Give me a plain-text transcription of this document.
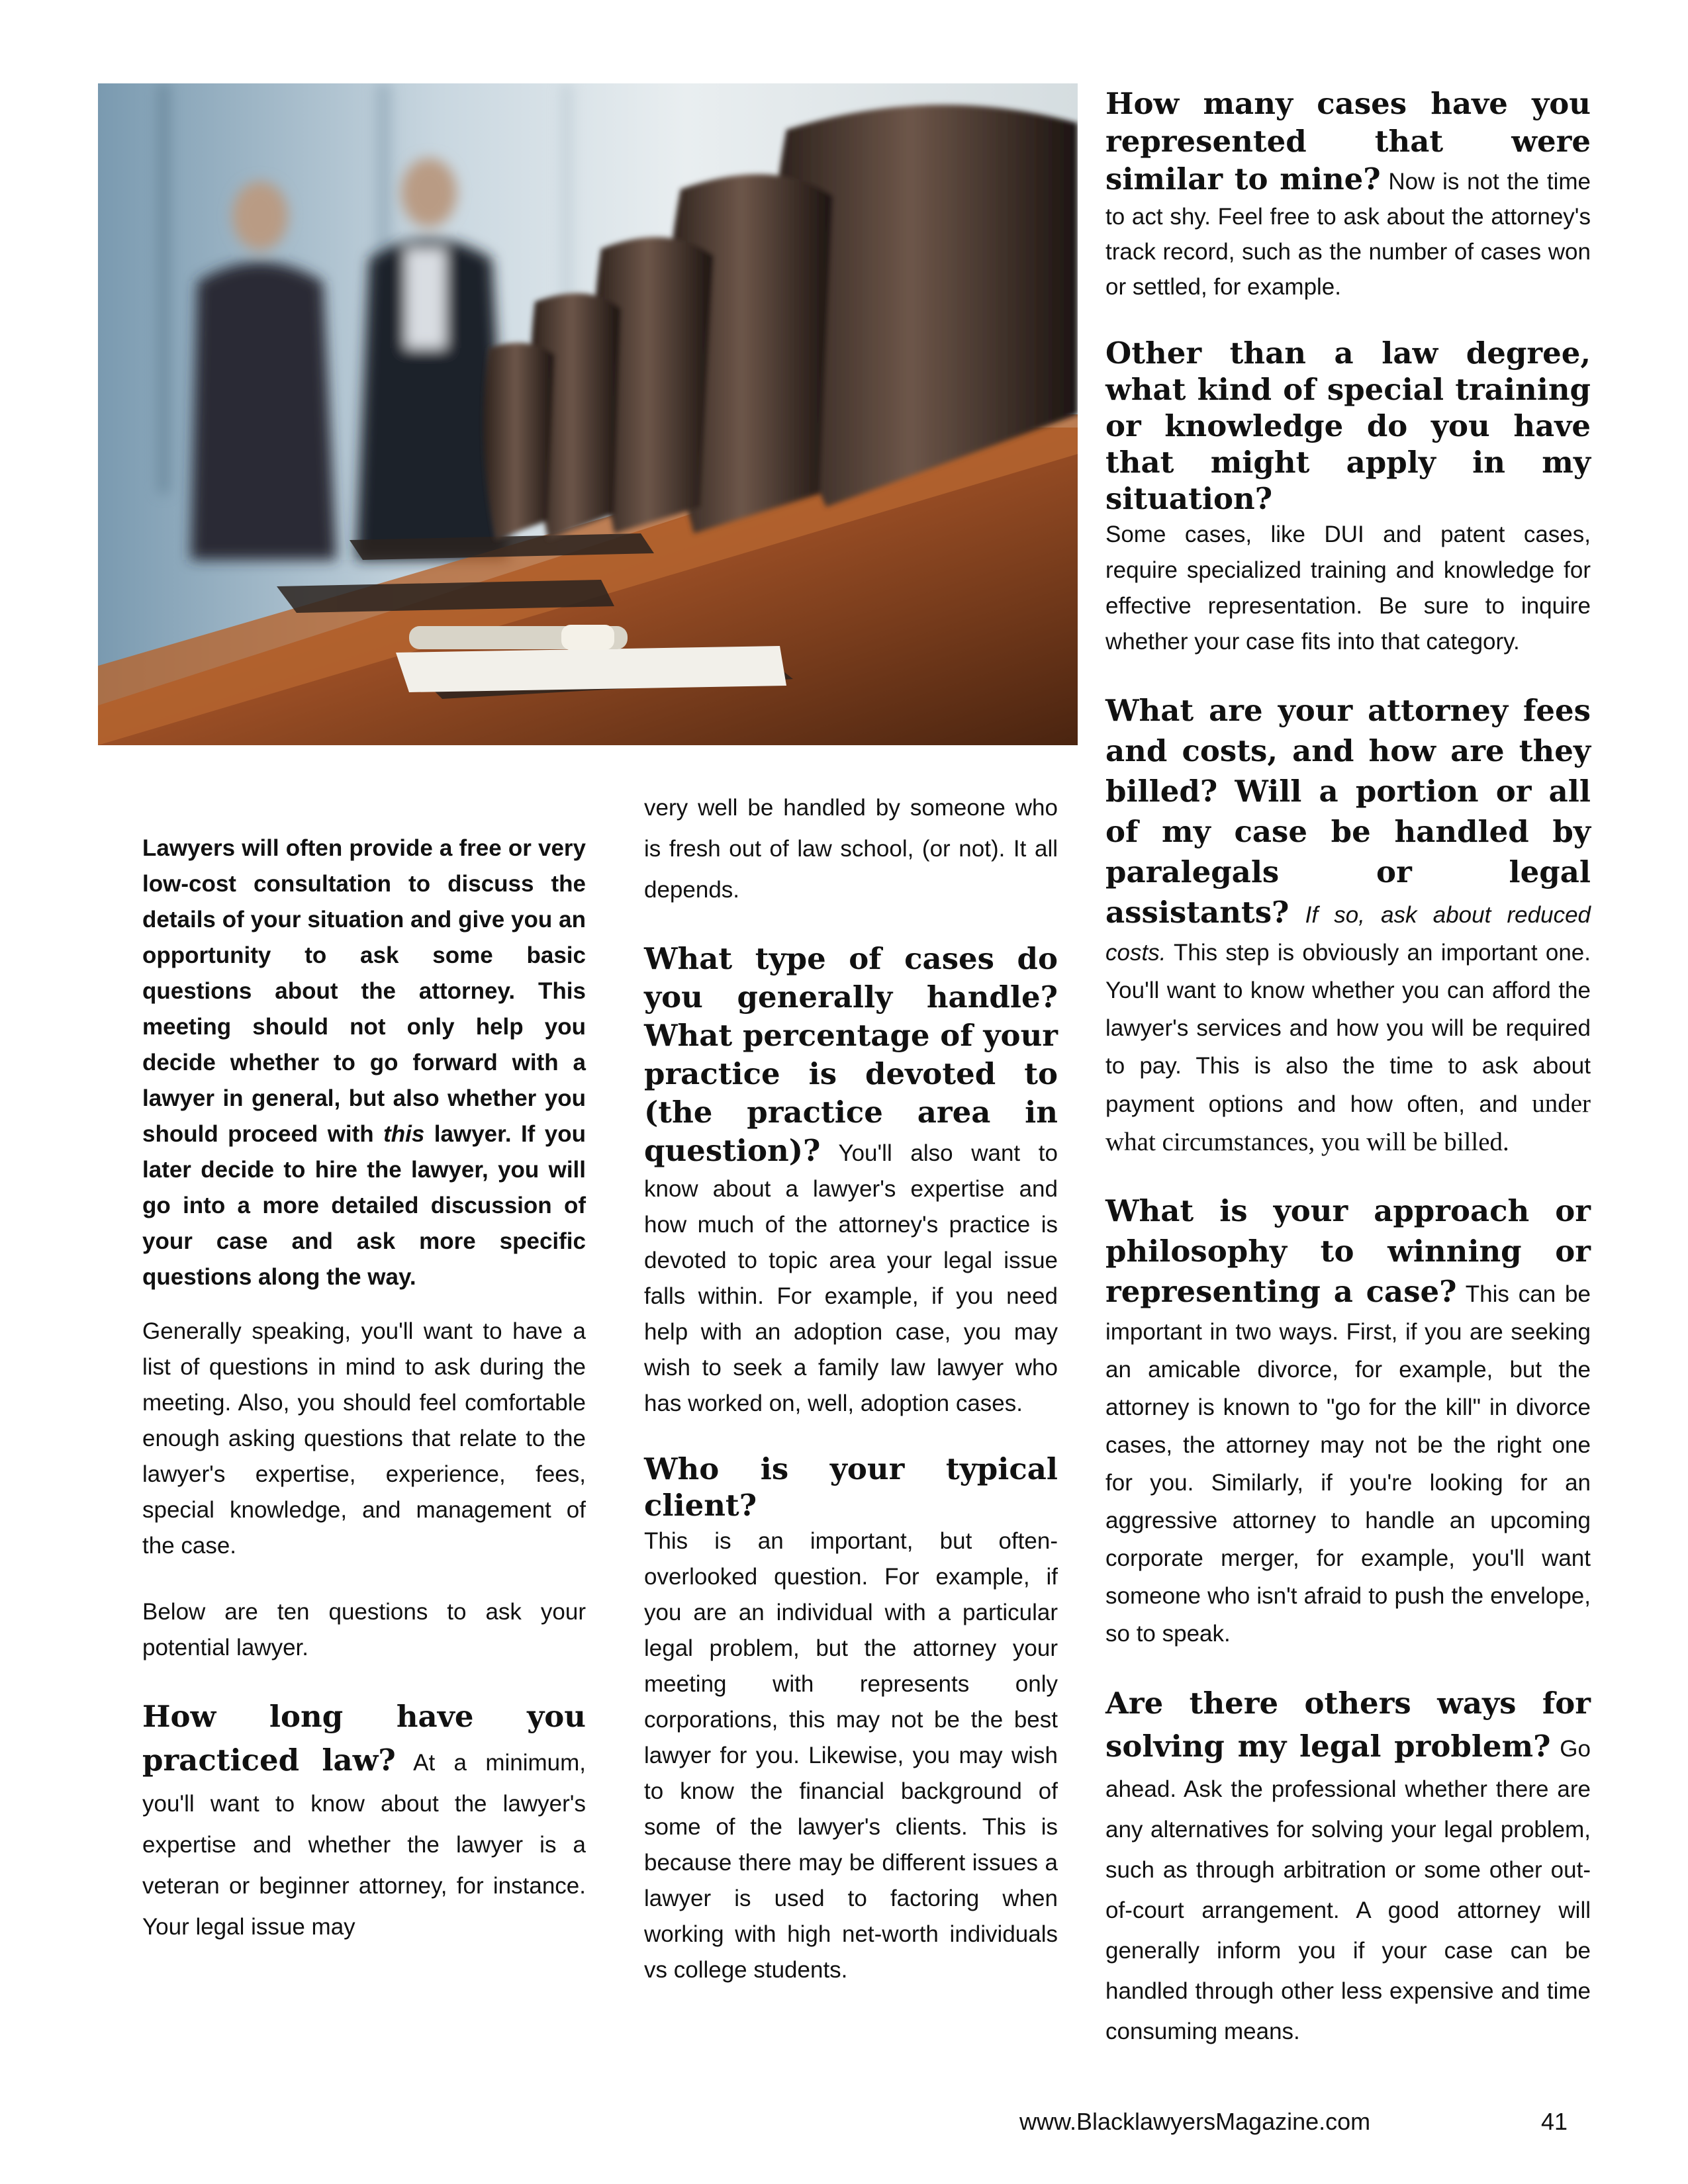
Lawyers will often provide a free or very low-cost consultation to discuss the details of your situation and give you an opportunity to ask some basic questions about the attorney. This meeting should not only help you decide whether to go forward with a lawyer in general, but also whether you should proceed with this lawyer. If you later decide to hire the lawyer, you will go into a more detailed discussion of your case and ask more specific questions along the way.

Generally speaking, you'll want to have a list of questions in mind to ask during the meeting. Also, you should feel comfortable enough asking questions that relate to the lawyer's expertise, experience, fees, special knowledge, and management of the case.

Below are ten questions to ask your potential lawyer.

How long have you practiced law? At a minimum, you'll want to know about the lawyer's expertise and whether the lawyer is a veteran or beginner attorney, for instance. Your legal issue may

very well be handled by someone who is fresh out of law school, (or not). It all depends.

What type of cases do you generally handle? What percentage of your practice is devoted to (the practice area in question)? You'll also want to know about a lawyer's expertise and how much of the attorney's practice is devoted to topic area your legal issue falls within. For example, if you need help with an adoption case, you may wish to seek a family law lawyer who has worked on, well, adoption cases.

Who is your typical client?

This is an important, but often-overlooked question. For example, if you are an individual with a particular legal problem, but the attorney your meeting with represents only corporations, this may not be the best lawyer for you. Likewise, you may wish to know the financial background of some of the lawyer's clients. This is because there may be different issues a lawyer is used to factoring when working with high net-worth individuals vs college students.

How many cases have you represented that were similar to mine? Now is not the time to act shy. Feel free to ask about the attorney's track record, such as the number of cases won or settled, for example.

Other than a law degree, what kind of special training or knowledge do you have that might apply in my situation?

Some cases, like DUI and patent cases, require specialized training and knowledge for effective representation. Be sure to inquire whether your case fits into that category.

What are your attorney fees and costs, and how are they billed? Will a portion or all of my case be handled by paralegals or legal assistants? If so, ask about reduced costs. This step is obviously an important one. You'll want to know whether you can afford the lawyer's services and how you will be required to pay. This is also the time to ask about payment options and how often, and under what circumstances, you will be billed.

What is your approach or philosophy to winning or representing a case? This can be important in two ways. First, if you are seeking an amicable divorce, for example, but the attorney is known to "go for the kill" in divorce cases, the attorney may not be the right one for you. Similarly, if you're looking for an aggressive attorney to handle an upcoming corporate merger, for example, you'll want someone who isn't afraid to push the envelope, so to speak.

Are there others ways for solving my legal problem? Go ahead. Ask the professional whether there are any alternatives for solving your legal problem, such as through arbitration or some other out-of-court arrangement. A good attorney will generally inform you if your case can be handled through other less expensive and time consuming means.

www.BlacklawyersMagazine.com	41
